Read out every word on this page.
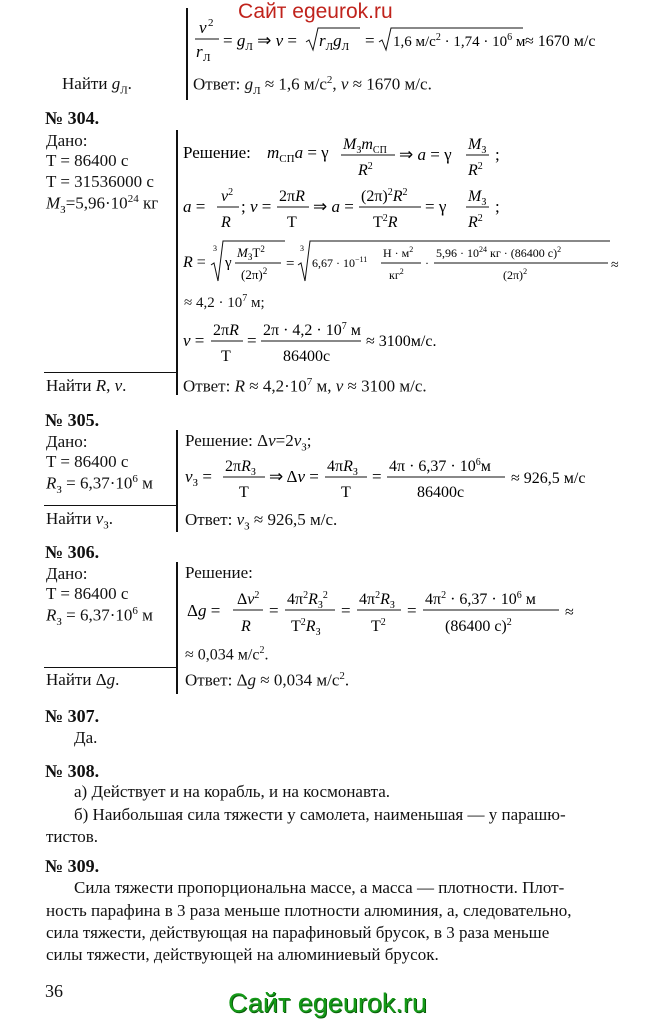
Сайт egeurok.ru
v 2
r Л
= $g_Л$ ⇒ $v = r_Лg_Л = 1,6$ $м/с^2 \cdot 1,74 \cdot 10^6$ м ≈ 1670 м/с
Найти $g_Л$.	Ответ: $g_Л \approx 1,6$ $м/с^2$, v ≈ 1670 м/с.
№ 304.
Дано:
T = 86400 с
T = 31536000 с
$M_З=5,96\cdot 10^{24}$ кг
Найти R, v.
Решение: $m_{СП}a = \gamma$ $M_Зm_{СП}$
$R^2$
⇒ a = γ
$M_З$
$R^2$
;
a =
$v^2$
R
; v =
2πR
T
⇒ a =
$(2\pi)^2R^2$
$T^2R$
= γ
$M_З$
$R^2$
;
R =
3
γ
$M_ЗT^2$
$(2\pi)^2$ =
3
$6,67 \cdot 10^{-11}$ $Н \cdot м^2$
$кг^2$
·
$5,96 \cdot 10^{24}$ кг · (86400 с)$^2$
$(2\pi)^2$	≈
≈ $4,2 \cdot 10^7$ м;
v =
2πR
T
=
$2\pi \cdot 4,2 \cdot 10^7$ м
86400с
≈ 3100м/с.
Ответ: $R \approx 4,2\cdot 10^7$ м, v ≈ 3100 м/с.
№ 305.
Дано:
T = 86400 с
$R_З = 6,37\cdot 10^6$ м
Найти $v_З$.
Решение: $\Delta v=2v_З$;
$v_З$ =
$2\pi R_З$
T
⇒ Δv =
$4\pi R_З$
T
=
$4\pi \cdot 6,37 \cdot 10^6м$
86400с
≈ 926,5 м/с
Ответ: $v_З \approx 926,5$ м/с.
№ 306.
Дано:
T = 86400 с
$R_З = 6,37\cdot 10^6$ м
Найти Δg.
Решение:
Δg =
$\Delta v^2$
R
=
$4\pi^2R_З^2$
$T^2R_З$
=
$4\pi^2R_З$
$T^2$
=
$4\pi^2 \cdot 6,37 \cdot 10^6$ м
(86400 с)$^2$
≈
≈ 0,034 $м/с^2$.
Ответ: Δg ≈ 0,034 $м/с^2$.
№ 307.
Да.
№ 308.
а) Действует и на корабль, и на космонавта.
б) Наибольшая сила тяжести у самолета, наименьшая — у парашю-
тистов.
№ 309.
Сила тяжести пропорциональна массе, а масса — плотности. Плот-
ность парафина в 3 раза меньше плотности алюминия, а, следовательно,
сила тяжести, действующая на парафиновый брусок, в 3 раза меньше
силы тяжести, действующей на алюминиевый брусок.
36	Сайт egeurok.ru
